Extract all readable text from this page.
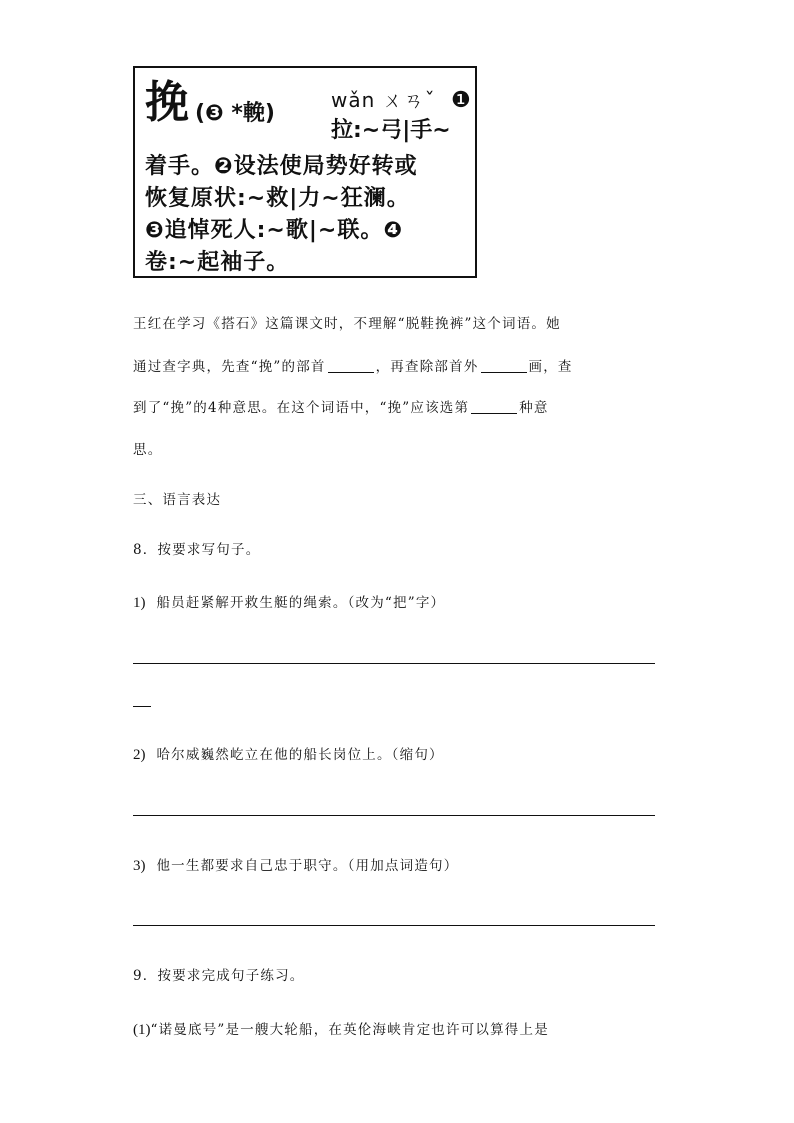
挽 (❸ *輓)
wǎn ㄨㄢˇ ❶
拉:~弓|手~
着手。❷设法使局势好转或
恢复原状:~救|力~狂澜。
❸追悼死人:~歌|~联。❹
卷:~起袖子。
王红在学习《搭石》这篇课文时，不理解“脱鞋挽裤”这个词语。她
通过查字典，先查“挽”的部首	，再查除部首外	画，查
到了“挽”的4种意思。在这个词语中，“挽”应该选第	种意
思。
三、语言表达
8．按要求写句子。
1) 船员赶紧解开救生艇的绳索。（改为“把”字）
2) 哈尔威巍然屹立在他的船长岗位上。（缩句）
3) 他一生都要求自己忠于职守。（用加点词造句）
9．按要求完成句子练习。
(1)“诺曼底号”是一艘大轮船，在英伦海峡肯定也许可以算得上是
